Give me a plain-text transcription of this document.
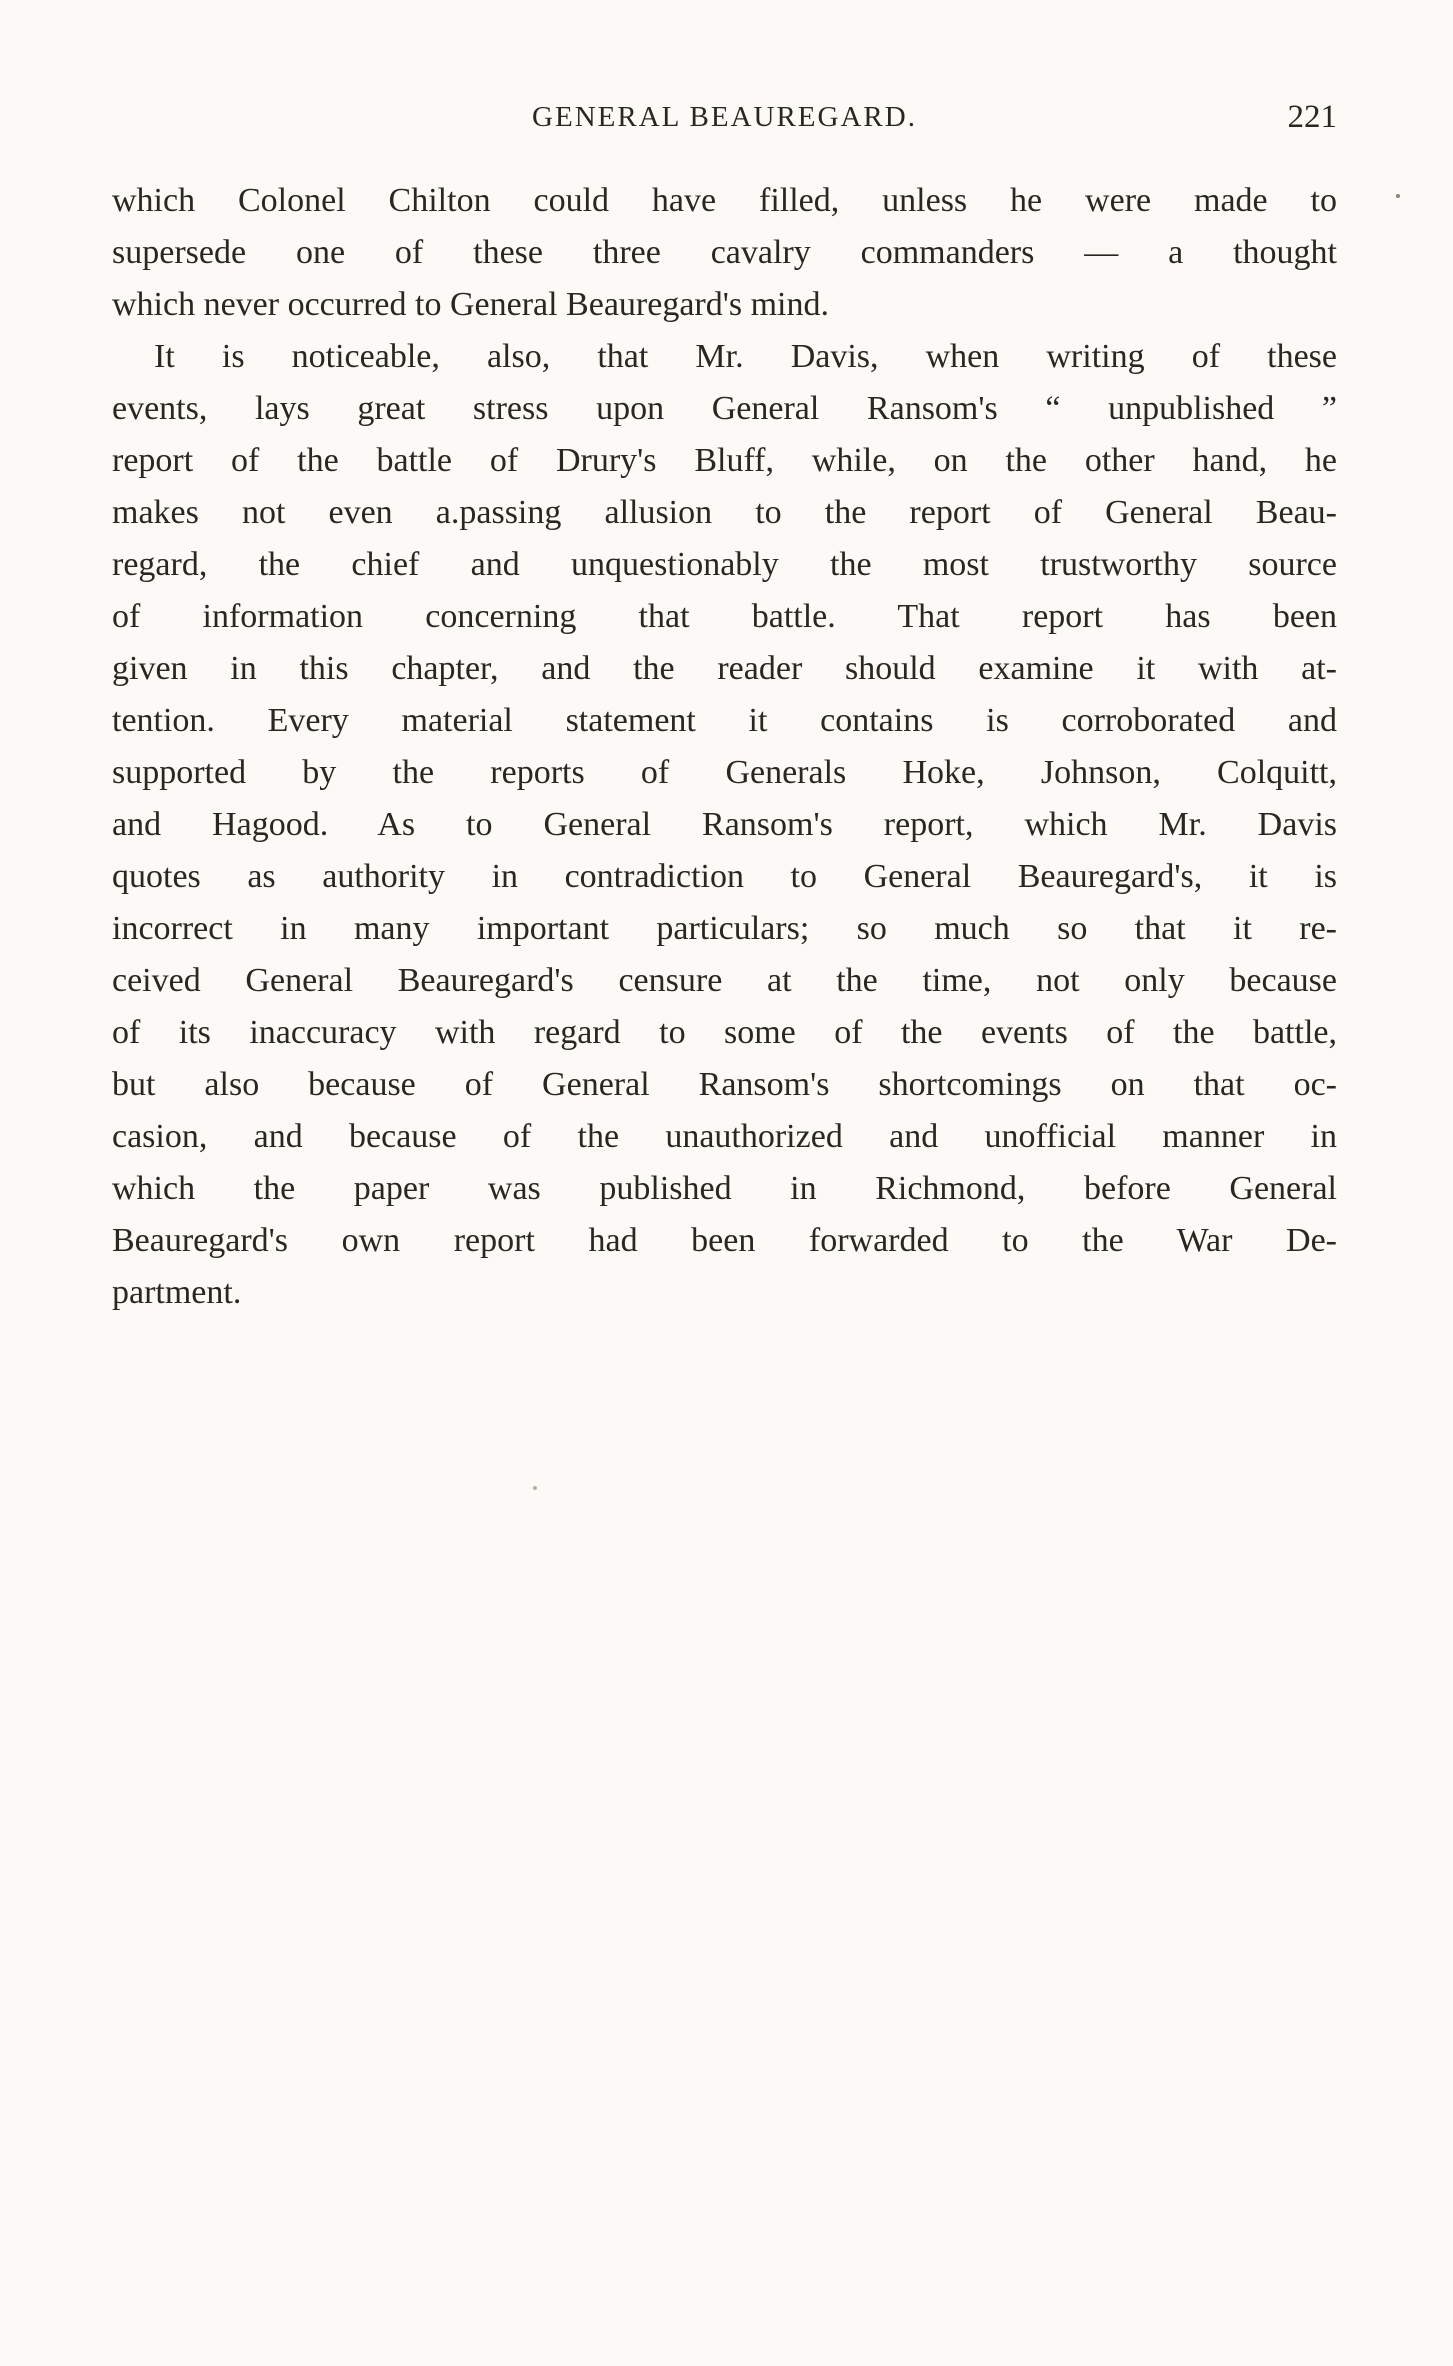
GENERAL BEAUREGARD.	221
which Colonel Chilton could have filled, unless he were made to
supersede one of these three cavalry commanders — a thought
which never occurred to General Beauregard's mind.
It is noticeable, also, that Mr. Davis, when writing of these
events, lays great stress upon General Ransom's “ unpublished ”
report of the battle of Drury's Bluff, while, on the other hand, he
makes not even a.passing allusion to the report of General Beau-
regard, the chief and unquestionably the most trustworthy source
of information concerning that battle. That report has been
given in this chapter, and the reader should examine it with at-
tention. Every material statement it contains is corroborated and
supported by the reports of Generals Hoke, Johnson, Colquitt,
and Hagood. As to General Ransom's report, which Mr. Davis
quotes as authority in contradiction to General Beauregard's, it is
incorrect in many important particulars; so much so that it re-
ceived General Beauregard's censure at the time, not only because
of its inaccuracy with regard to some of the events of the battle,
but also because of General Ransom's shortcomings on that oc-
casion, and because of the unauthorized and unofficial manner in
which the paper was published in Richmond, before General
Beauregard's own report had been forwarded to the War De-
partment.
